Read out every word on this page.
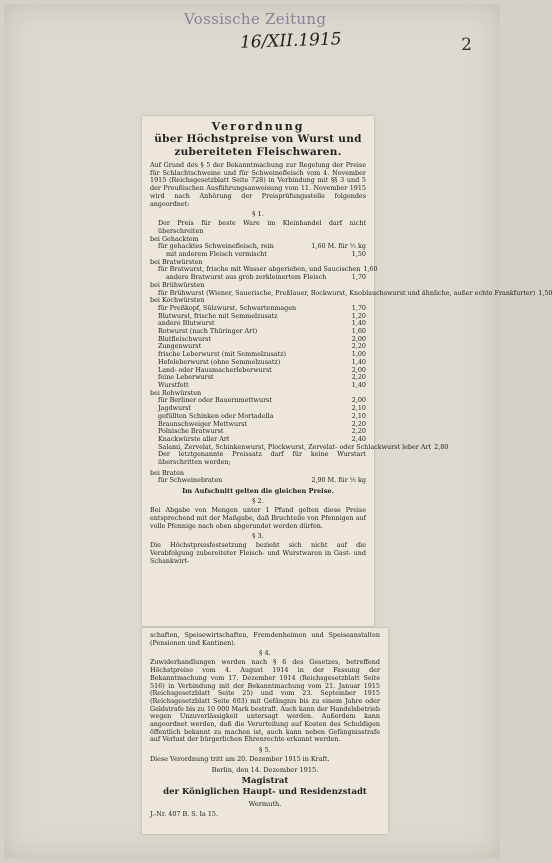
Vossische Zeitung
16/XII.1915	2
Verordnung
über Höchstpreise von Wurst und
zubereiteten Fleischwaren.

Auf Grund des § 5 der Bekanntmachung zur Regelung der Preise für Schlachtschweine und für Schweinefleisch vom 4. November 1915 (Reichsgesetzblatt Seite 728) in Verbindung mit §§ 3 und 5 der Preußischen Ausführungsanweisung vom 11. November 1915 wird nach Anhörung der Preisprüfungsstelle folgendes angeordnet:

§ 1.

Der Preis für beste Ware im Kleinhandel darf nicht überschreiten

bei Gehacktem
für gehacktes Schweinefleisch, rein	1,60 M. für ½ kg
mit anderem Fleisch vermischt	1,50
bei Bratwürsten
für Bratwurst, frische mit Wasser abgerieben, und Saucischen 1,60
andere Bratwurst aus grob zerkleinertem Fleisch	1,70
bei Brühwürsten
für Brühwurst (Wiener, Sauerische, Preßlauer, Bockwurst, Knoblauchswurst und ähnliche, außer echte Frankfurter) 1,50
bei Kochwürsten
für Preßkopf, Sülzwurst, Schwartenmagen	1,70
Blutwurst, frische mit Semmelzusatz	1,20
andere Blutwurst	1,40
Rotwurst (nach Thüringer Art)	1,60
Blutfleischwurst	2,00
Zungenwurst	2,20
frische Leberwurst (mit Semmelzusatz)	1,00
Hefeleberwurst (ohne Semmelzusatz)	1,40
Land- oder Hausmacherleberwurst	2,00
feine Leberwurst	2,20
Wurstfett	1,40
bei Rohwürsten
für Berliner oder Bauernmettwurst	2,00
Jagdwurst	2,10
gefüllten Schinken oder Mortadella	2,10
Braunschweiger Mettwurst	2,20
Polnische Bratwurst	2,20
Knackwürste aller Art	2,40
Salami, Zervelat, Schinkenwurst, Plockwurst, Zervelat- oder Schlackwurst leber Art 2,80

Der letztgenannte Preissatz darf für keine Wurstart überschritten werden;

bei Braten
für Schweinebraten	2,90 M. für ½ kg
Im Aufschnitt gelten die gleichen Preise.
§ 2.

Bei Abgabe von Mengen unter 1 Pfund gelten diese Preise entsprechend mit der Maßgabe, daß Bruchteile von Pfennigen auf volle Pfennige nach oben abgerundet werden dürfen.

§ 3.

Die Höchstpreisfestsetzung bezieht sich nicht auf die Verabfolgung zubereiteter Fleisch- und Wurstwaren in Gast- und Schankwirt-

schaften, Speisewirtschaften, Fremdenheimen und Speiseanstalten (Pensionen und Kantinen).

§ 4.

Zuwiderhandlungen werden nach § 6 des Gesetzes, betreffend Höchstpreise vom 4. August 1914 in der Fassung der Bekanntmachung vom 17. Dezember 1914 (Reichsgesetzblatt Seite 516) in Verbindung mit der Bekanntmachung vom 21. Januar 1915 (Reichsgesetzblatt Seite 25) und vom 23. September 1915 (Reichsgesetzblatt Seite 603) mit Gefängnis bis zu einem Jahre oder Geldstrafe bis zu 10 000 Mark bestraft. Auch kann der Handelsbetrieb wegen Unzuverlässigkeit untersagt werden. Außerdem kann angeordnet werden, daß die Verurteilung auf Kosten des Schuldigen öffentlich bekannt zu machen ist, auch kann neben Gefängnisstrafe auf Verlust der bürgerlichen Ehrenrechte erkannt werden.

§ 5.

Diese Verordnung tritt am 20. Dezember 1915 in Kraft.

Berlin, den 14. Dezember 1915.
Magistrat
der Königlichen Haupt- und Residenzstadt
Wermuth.
J.-Nr. 407 B. S. Ia 15.
